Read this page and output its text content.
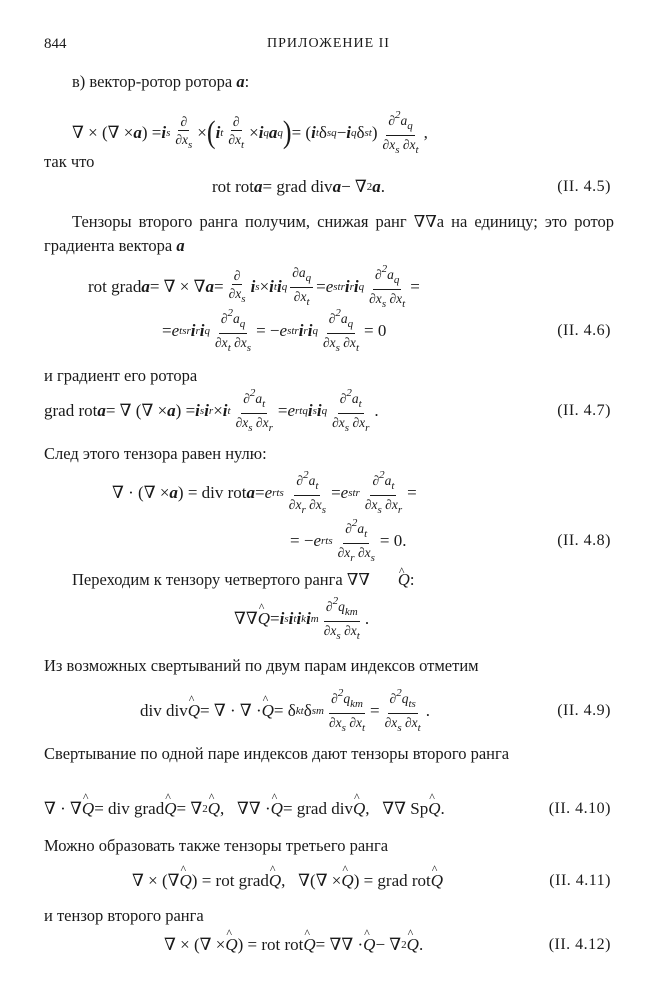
844	ПРИЛОЖЕНИЕ II
в) вектор-ротор ротора a:
∇ × (∇ × a ) = i s $\frac{\partial}{\partial x_s}$ × ( i t $\frac{\partial}{\partial x_t} \times i$ q a q ) = ( i t δ sq − i q δ st ) $\frac{\partial^2a_q}{\partial x_s \partial x_t}$ ,
так что
rot rot a = grad div a − ∇ 2 a .	(II. 4.5)
Тензоры второго ранга получим, снижая ранг ∇∇a на единицу; это ротор градиента вектора a
rot grad a = ∇ × ∇ $a = \frac{\partial}{\partial x_s}$ i s × i t i q $\frac{\partial a_q}{\partial x_t} = e$ str i r i q $\frac{\partial^2a_q}{\partial x_s \partial x_t}$ =
= e tsr i r i q $\frac{\partial^2a_q}{\partial x_t \partial x_s}$ = − e str i r i q $\frac{\partial^2a_q}{\partial x_s \partial x_t} = 0$	(II. 4.6)
и градиент его ротора
grad rot a = ∇ (∇ × a ) = i s i r × i t $\frac{\partial^2a_t}{\partial x_s \partial x_r} = e$ rtq i s i q $\frac{\partial^2a_t}{\partial x_s \partial x_r}$ .	(II. 4.7)
След этого тензора равен нулю:
∇ · (∇ × a ) = div rot a = e rts $\frac{\partial^2a_t}{\partial x_r \partial x_s} = e$ str $\frac{\partial^2a_t}{\partial x_s \partial x_r}$ =
= − e rts $\frac{\partial^2a_t}{\partial x_r \partial x_s} = 0$.	(II. 4.8)
Переходим к тензору четвертого ранга ∇∇ ^ Q:
∇∇ ^ Q = i s i t i k i m $\frac{\partial^2q_{km}}{\partial x_s \partial x_t}$ .
Из возможных свертываний по двум парам индексов отметим
div div ^ Q = ∇ · ∇ · ^ Q = δ kt δ sm $\frac{\partial^2q_{km}}{\partial x_s \partial x_t} = \frac{\partial^2q_{ts}}{\partial x_s \partial x_t}$ .	(II. 4.9)
Свертывание по одной паре индексов дают тензоры второго ранга
∇ · ∇ ^ Q = div grad ^ Q = ∇ 2 ^ Q ,   ∇∇ · ^ Q = grad div ^ Q ,   ∇∇ Sp ^ Q .	(II. 4.10)
Можно образовать также тензоры третьего ранга
∇ × (∇ ^ Q ) = rot grad ^ Q ,   ∇(∇ × ^ Q ) = grad rot ^ Q	(II. 4.11)
и тензор второго ранга
∇ × (∇ × ^ Q ) = rot rot ^ Q = ∇∇ · ^ Q − ∇ 2 ^ Q .	(II. 4.12)
